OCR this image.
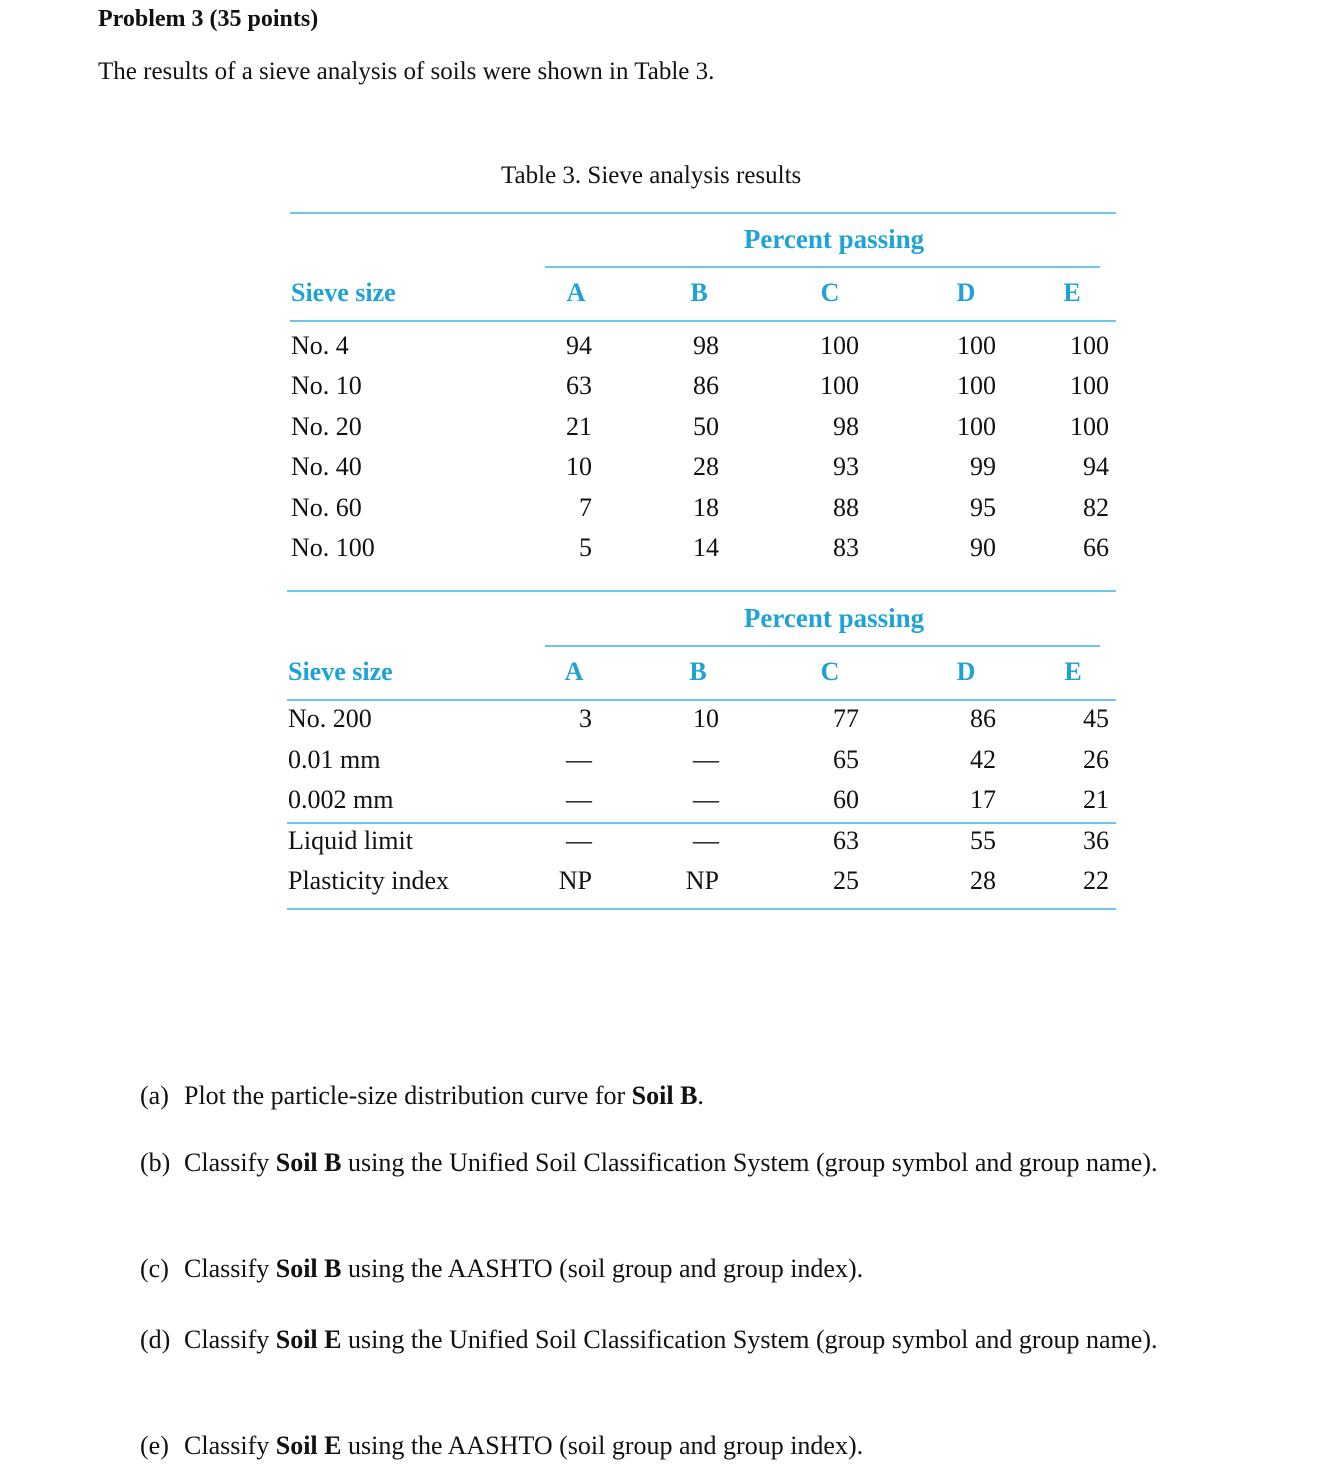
Problem 3 (35 points)
The results of a sieve analysis of soils were shown in Table 3.
Table 3. Sieve analysis results
Percent passing
Sieve size	A	B	C	D	E
No. 4	94	98	100	100	100
No. 10	63	86	100	100	100
No. 20	21	50	98	100	100
No. 40	10	28	93	99	94
No. 60	7	18	88	95	82
No. 100	5	14	83	90	66
Percent passing
Sieve size	A	B	C	D	E
No. 200	3	10	77	86	45
0.01 mm	—	—	65	42	26
0.002 mm	—	—	60	17	21
Liquid limit	—	—	63	55	36
Plasticity index	NP	NP	25	28	22
(a) Plot the particle-size distribution curve for Soil B.
(b) Classify Soil B using the Unified Soil Classification System (group symbol and group name).
(c) Classify Soil B using the AASHTO (soil group and group index).
(d) Classify Soil E using the Unified Soil Classification System (group symbol and group name).
(e) Classify Soil E using the AASHTO (soil group and group index).
